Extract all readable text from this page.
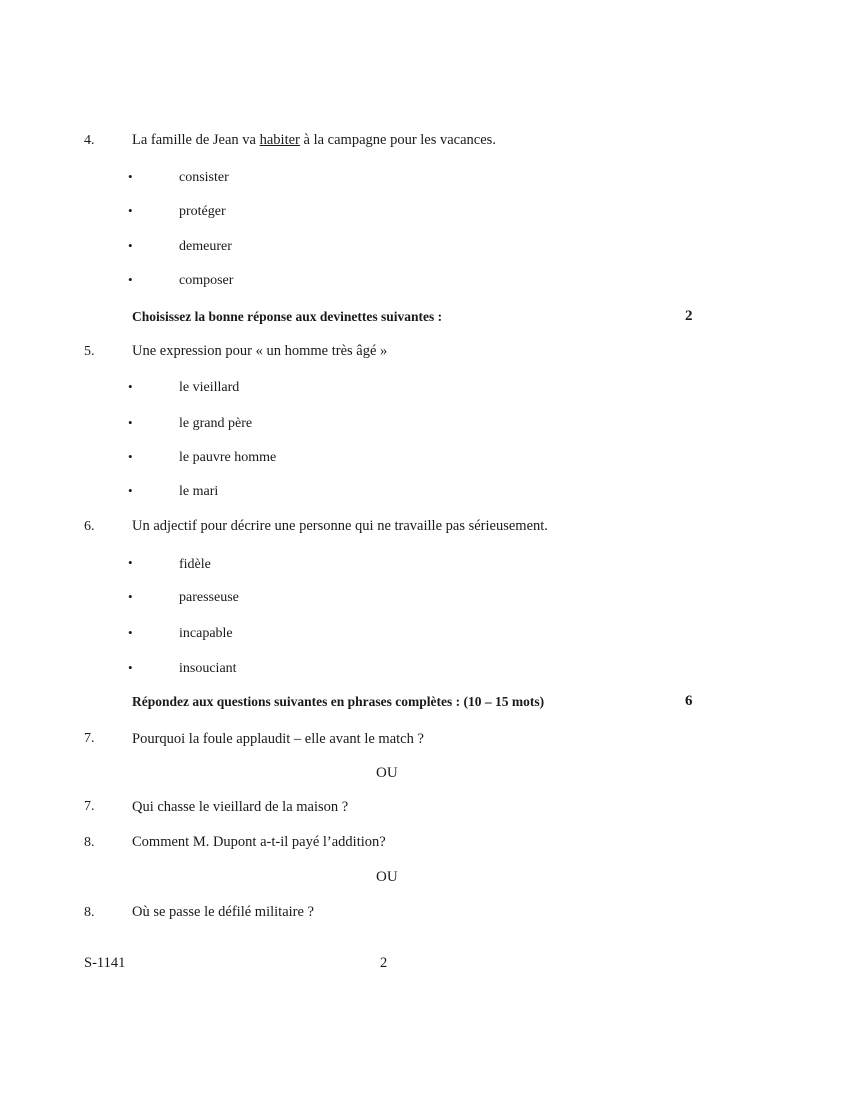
4.	La famille de Jean va habiter à la campagne pour les vacances.
•	consister
•	protéger
•	demeurer
•	composer
Choisissez la bonne réponse aux devinettes suivantes :	2
5.	Une expression pour « un homme très âgé »
•	le vieillard
•	le grand père
•	le pauvre homme
•	le mari
6.	Un adjectif pour décrire une personne qui ne travaille pas sérieusement.
•	fidèle
•	paresseuse
•	incapable
•	insouciant
Répondez aux questions suivantes en phrases complètes : (10 – 15 mots)	6
7.	Pourquoi la foule applaudit – elle avant le match ?
OU
7.	Qui chasse le vieillard de la maison ?
8.	Comment M. Dupont a-t-il payé l’addition?
OU
8.	Où se passe le défilé militaire ?
S-1141	2
